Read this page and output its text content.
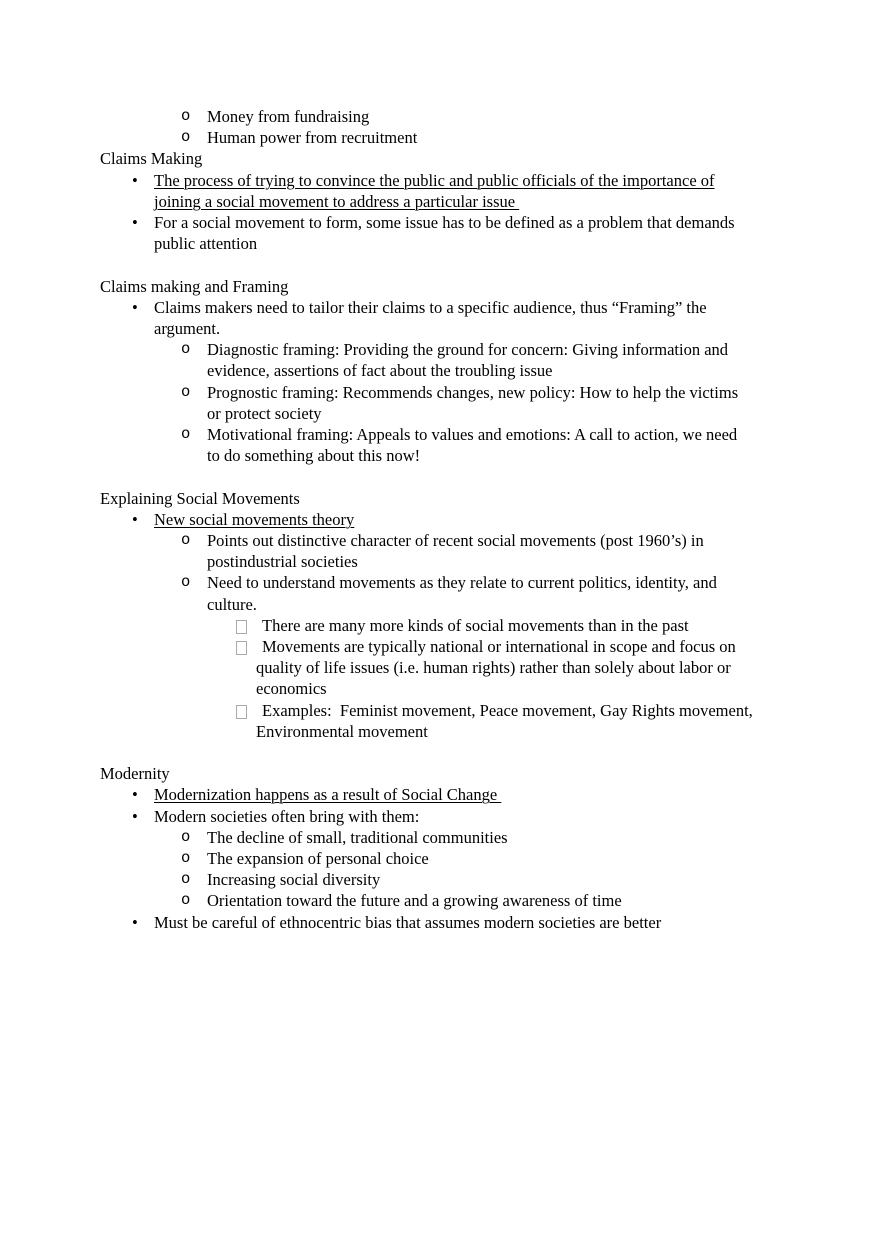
o Money from fundraising
o Human power from recruitment
Claims Making
• The process of trying to convince the public and public officials of the importance of
joining a social movement to address a particular issue
• For a social movement to form, some issue has to be defined as a problem that demands
public attention
Claims making and Framing
• Claims makers need to tailor their claims to a specific audience, thus “Framing” the
argument.
o Diagnostic framing: Providing the ground for concern: Giving information and
evidence, assertions of fact about the troubling issue
o Prognostic framing: Recommends changes, new policy: How to help the victims
or protect society
o Motivational framing: Appeals to values and emotions: A call to action, we need
to do something about this now!
Explaining Social Movements
• New social movements theory
o Points out distinctive character of recent social movements (post 1960’s) in
postindustrial societies
o Need to understand movements as they relate to current politics, identity, and
culture.
There are many more kinds of social movements than in the past
Movements are typically national or international in scope and focus on
quality of life issues (i.e. human rights) rather than solely about labor or
economics
Examples:  Feminist movement, Peace movement, Gay Rights movement,
Environmental movement
Modernity
• Modernization happens as a result of Social Change
• Modern societies often bring with them:
o The decline of small, traditional communities
o The expansion of personal choice
o Increasing social diversity
o Orientation toward the future and a growing awareness of time
• Must be careful of ethnocentric bias that assumes modern societies are better
